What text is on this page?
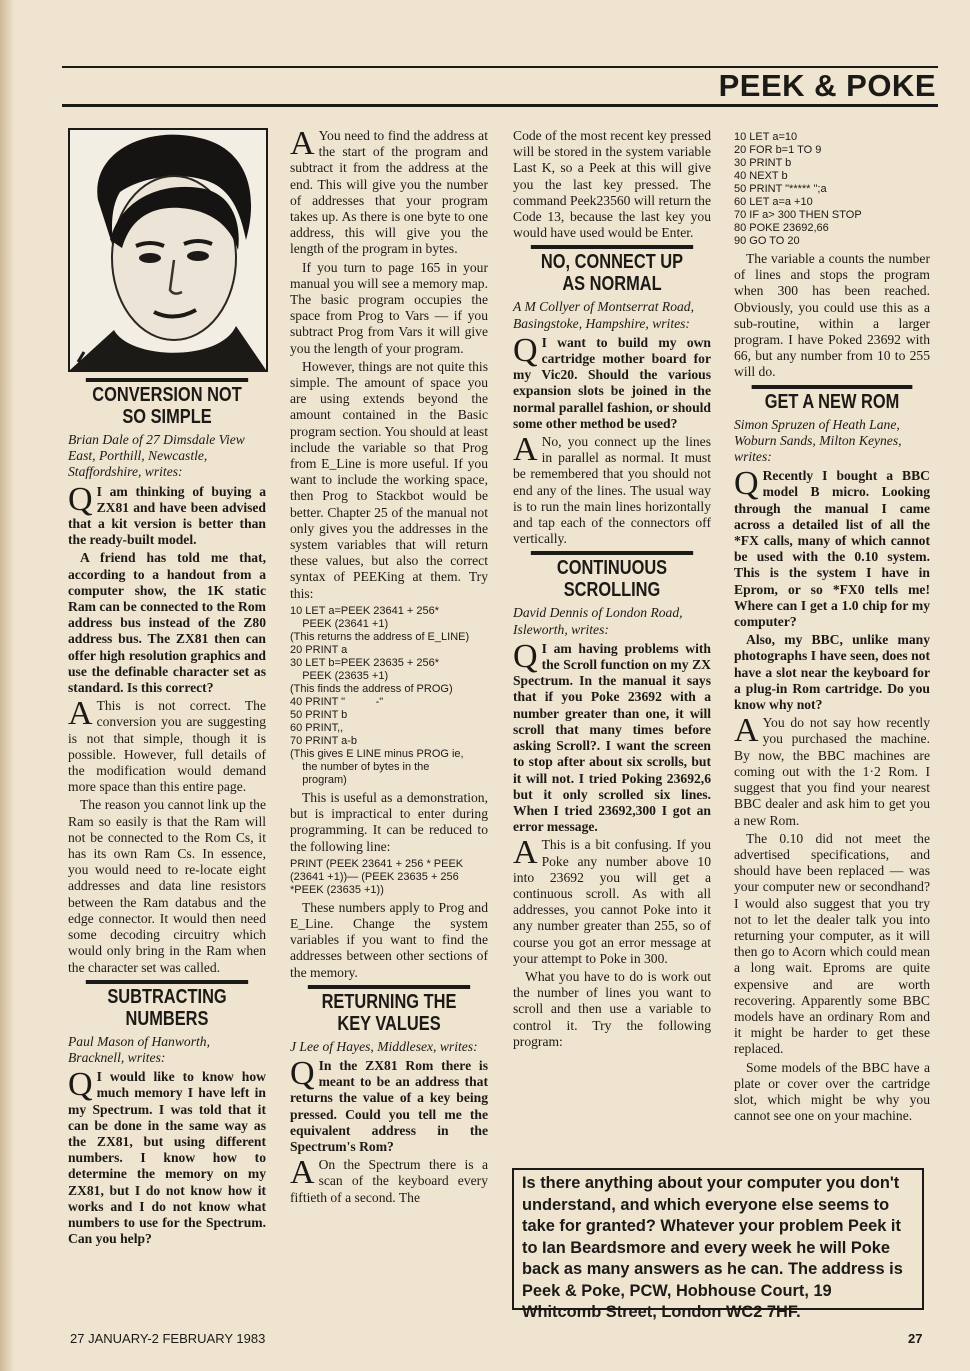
PEEK & POKE
CONVERSION NOT SO SIMPLE

Brian Dale of 27 Dimsdale View East, Porthill, Newcastle, Staffordshire, writes:

QI am thinking of buying a ZX81 and have been advised that a kit version is better than the ready-built model.

A friend has told me that, according to a handout from a computer show, the 1K static Ram can be connected to the Rom address bus instead of the Z80 address bus. The ZX81 then can offer high resolution graphics and use the definable character set as standard. Is this correct?

AThis is not correct. The conversion you are suggesting is not that simple, though it is possible. However, full details of the modification would demand more space than this entire page.

The reason you cannot link up the Ram so easily is that the Ram will not be connected to the Rom Cs, it has its own Ram Cs. In essence, you would need to re-locate eight addresses and data line resistors between the Ram databus and the edge connector. It would then need some decoding circuitry which would only bring in the Ram when the character set was called.

SUBTRACTING NUMBERS

Paul Mason of Hanworth, Bracknell, writes:

QI would like to know how much memory I have left in my Spectrum. I was told that it can be done in the same way as the ZX81, but using different numbers. I know how to determine the memory on my ZX81, but I do not know how it works and I do not know what numbers to use for the Spectrum. Can you help?

AYou need to find the address at the start of the program and subtract it from the address at the end. This will give you the number of addresses that your program takes up. As there is one byte to one address, this will give you the length of the program in bytes.

If you turn to page 165 in your manual you will see a memory map. The basic program occupies the space from Prog to Vars — if you subtract Prog from Vars it will give you the length of your program.

However, things are not quite this simple. The amount of space you are using extends beyond the amount contained in the Basic program section. You should at least include the variable so that Prog from E_Line is more useful. If you want to include the working space, then Prog to Stackbot would be better. Chapter 25 of the manual not only gives you the addresses in the system variables that will return these values, but also the correct syntax of PEEKing at them. Try this:

10 LET a=PEEK 23641 + 256*
PEEK (23641 +1)
(This returns the address of E_LINE)
20 PRINT a
30 LET b=PEEK 23635 + 256*
PEEK (23635 +1)
(This finds the address of PROG)
40 PRINT "          -"
50 PRINT b
60 PRINT,,
70 PRINT a-b
(This gives E LINE minus PROG ie,
the number of bytes in the
program)

This is useful as a demonstration, but is impractical to enter during programming. It can be reduced to the following line:

PRINT (PEEK 23641 + 256 * PEEK
(23641 +1))— (PEEK 23635 + 256
*PEEK (23635 +1))

These numbers apply to Prog and E_Line. Change the system variables if you want to find the addresses between other sections of the memory.

RETURNING THE KEY VALUES

J Lee of Hayes, Middlesex, writes:

QIn the ZX81 Rom there is meant to be an address that returns the value of a key being pressed. Could you tell me the equivalent address in the Spectrum's Rom?

AOn the Spectrum there is a scan of the keyboard every fiftieth of a second. The

Code of the most recent key pressed will be stored in the system variable Last K, so a Peek at this will give you the last key pressed. The command Peek23560 will return the Code 13, because the last key you would have used would be Enter.

NO, CONNECT UP AS NORMAL

A M Collyer of Montserrat Road, Basingstoke, Hampshire, writes:

QI want to build my own cartridge mother board for my Vic20. Should the various expansion slots be joined in the normal parallel fashion, or should some other method be used?

ANo, you connect up the lines in parallel as normal. It must be remembered that you should not end any of the lines. The usual way is to run the main lines horizontally and tap each of the connectors off vertically.

CONTINUOUS SCROLLING

David Dennis of London Road, Isleworth, writes:

QI am having problems with the Scroll function on my ZX Spectrum. In the manual it says that if you Poke 23692 with a number greater than one, it will scroll that many times before asking Scroll?. I want the screen to stop after about six scrolls, but it will not. I tried Poking 23692,6 but it only scrolled six lines. When I tried 23692,300 I got an error message.

AThis is a bit confusing. If you Poke any number above 10 into 23692 you will get a continuous scroll. As with all addresses, you cannot Poke into it any number greater than 255, so of course you got an error message at your attempt to Poke in 300.

What you have to do is work out the number of lines you want to scroll and then use a variable to control it. Try the following program:

10 LET a=10
20 FOR b=1 TO 9
30 PRINT b
40 NEXT b
50 PRINT "***** ";a
60 LET a=a +10
70 IF a> 300 THEN STOP
80 POKE 23692,66
90 GO TO 20

The variable a counts the number of lines and stops the program when 300 has been reached. Obviously, you could use this as a sub-routine, within a larger program. I have Poked 23692 with 66, but any number from 10 to 255 will do.

GET A NEW ROM

Simon Spruzen of Heath Lane, Woburn Sands, Milton Keynes, writes:

QRecently I bought a BBC model B micro. Looking through the manual I came across a detailed list of all the *FX calls, many of which cannot be used with the 0.10 system. This is the system I have in Eprom, or so *FX0 tells me! Where can I get a 1.0 chip for my computer?

Also, my BBC, unlike many photographs I have seen, does not have a slot near the keyboard for a plug-in Rom cartridge. Do you know why not?

AYou do not say how recently you purchased the machine. By now, the BBC machines are coming out with the 1·2 Rom. I suggest that you find your nearest BBC dealer and ask him to get you a new Rom.

The 0.10 did not meet the advertised specifications, and should have been replaced — was your computer new or secondhand? I would also suggest that you try not to let the dealer talk you into returning your computer, as it will then go to Acorn which could mean a long wait. Eproms are quite expensive and are worth recovering. Apparently some BBC models have an ordinary Rom and it might be harder to get these replaced.

Some models of the BBC have a plate or cover over the cartridge slot, which might be why you cannot see one on your machine.

Is there anything about your computer you don't understand, and which everyone else seems to take for granted? Whatever your problem Peek it to Ian Beardsmore and every week he will Poke back as many answers as he can. The address is Peek & Poke, PCW, Hobhouse Court, 19 Whitcomb Street, London WC2 7HF.
27 JANUARY-2 FEBRUARY 1983	27
